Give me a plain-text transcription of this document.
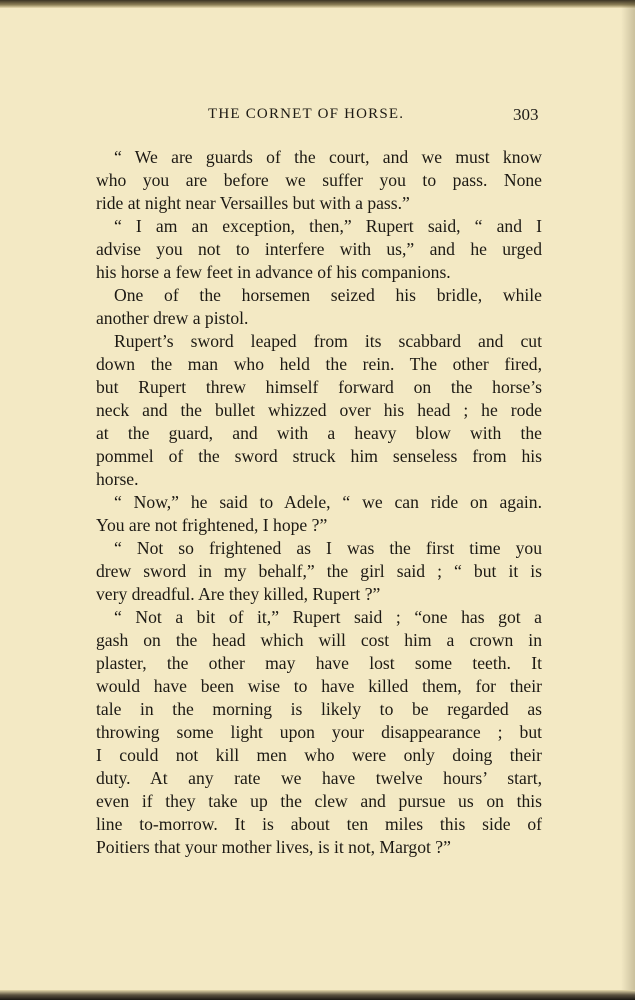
THE CORNET OF HORSE.	303
“ We are guards of the court, and we must know
who you are before we suffer you to pass. None
ride at night near Versailles but with a pass.”
“ I am an exception, then,” Rupert said, “ and I
advise you not to interfere with us,” and he urged
his horse a few feet in advance of his companions.
One of the horsemen seized his bridle, while
another drew a pistol.
Rupert’s sword leaped from its scabbard and cut
down the man who held the rein. The other fired,
but Rupert threw himself forward on the horse’s
neck and the bullet whizzed over his head ; he rode
at the guard, and with a heavy blow with the
pommel of the sword struck him senseless from his
horse.
“ Now,” he said to Adele, “ we can ride on again.
You are not frightened, I hope ?”
“ Not so frightened as I was the first time you
drew sword in my behalf,” the girl said ; “ but it is
very dreadful. Are they killed, Rupert ?”
“ Not a bit of it,” Rupert said ; “one has got a
gash on the head which will cost him a crown in
plaster, the other may have lost some teeth. It
would have been wise to have killed them, for their
tale in the morning is likely to be regarded as
throwing some light upon your disappearance ; but
I could not kill men who were only doing their
duty. At any rate we have twelve hours’ start,
even if they take up the clew and pursue us on this
line to-morrow. It is about ten miles this side of
Poitiers that your mother lives, is it not, Margot ?”
